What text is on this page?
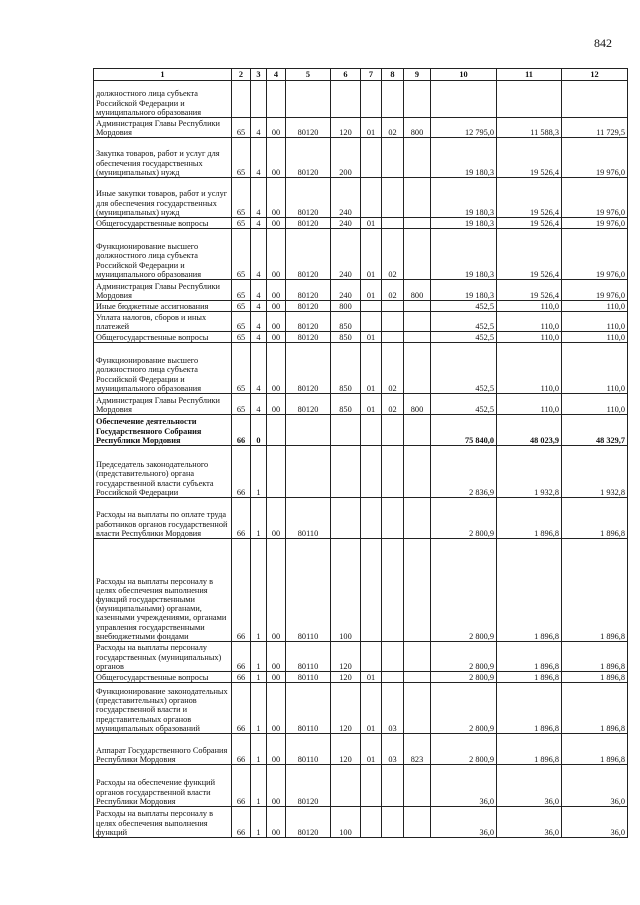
842
1	2	3	4	5	6	7	8	9	10	11	12
должностного лица субъекта Российской Федерации и муниципального образования											
Администрация Главы Республики Мордовия	65	4	00	80120	120	01	02	800	12 795,0	11 588,3	11 729,5
Закупка товаров, работ и услуг для обеспечения государственных (муниципальных) нужд	65	4	00	80120	200				19 180,3	19 526,4	19 976,0
Иные закупки товаров, работ и услуг для обеспечения государственных (муниципальных) нужд	65	4	00	80120	240				19 180,3	19 526,4	19 976,0
Общегосударственные вопросы	65	4	00	80120	240	01			19 180,3	19 526,4	19 976,0
Функционирование высшего должностного лица субъекта Российской Федерации и муниципального образования	65	4	00	80120	240	01	02		19 180,3	19 526,4	19 976,0
Администрация Главы Республики Мордовия	65	4	00	80120	240	01	02	800	19 180,3	19 526,4	19 976,0
Иные бюджетные ассигнования	65	4	00	80120	800				452,5	110,0	110,0
Уплата налогов, сборов и иных платежей	65	4	00	80120	850				452,5	110,0	110,0
Общегосударственные вопросы	65	4	00	80120	850	01			452,5	110,0	110,0
Функционирование высшего должностного лица субъекта Российской Федерации и муниципального образования	65	4	00	80120	850	01	02		452,5	110,0	110,0
Администрация Главы Республики Мордовия	65	4	00	80120	850	01	02	800	452,5	110,0	110,0
Обеспечение деятельности Государственного Собрания Республики Мордовия	66	0							75 840,0	48 023,9	48 329,7
Председатель законодательного (представительного) органа государственной власти субъекта Российской Федерации	66	1							2 836,9	1 932,8	1 932,8
Расходы на выплаты по оплате труда работников органов государственной власти Республики Мордовия	66	1	00	80110					2 800,9	1 896,8	1 896,8
Расходы на выплаты персоналу в целях обеспечения выполнения функций государственными (муниципальными) органами, казенными учреждениями, органами управления государственными внебюджетными фондами	66	1	00	80110	100				2 800,9	1 896,8	1 896,8
Расходы на выплаты персоналу государственных (муниципальных) органов	66	1	00	80110	120				2 800,9	1 896,8	1 896,8
Общегосударственные вопросы	66	1	00	80110	120	01			2 800,9	1 896,8	1 896,8
Функционирование законодательных (представительных) органов государственной власти и представительных органов муниципальных образований	66	1	00	80110	120	01	03		2 800,9	1 896,8	1 896,8
Аппарат Государственного Собрания Республики Мордовия	66	1	00	80110	120	01	03	823	2 800,9	1 896,8	1 896,8
Расходы на обеспечение функций органов государственной власти Республики Мордовия	66	1	00	80120					36,0	36,0	36,0
Расходы на выплаты персоналу в целях обеспечения выполнения функций	66	1	00	80120	100				36,0	36,0	36,0
